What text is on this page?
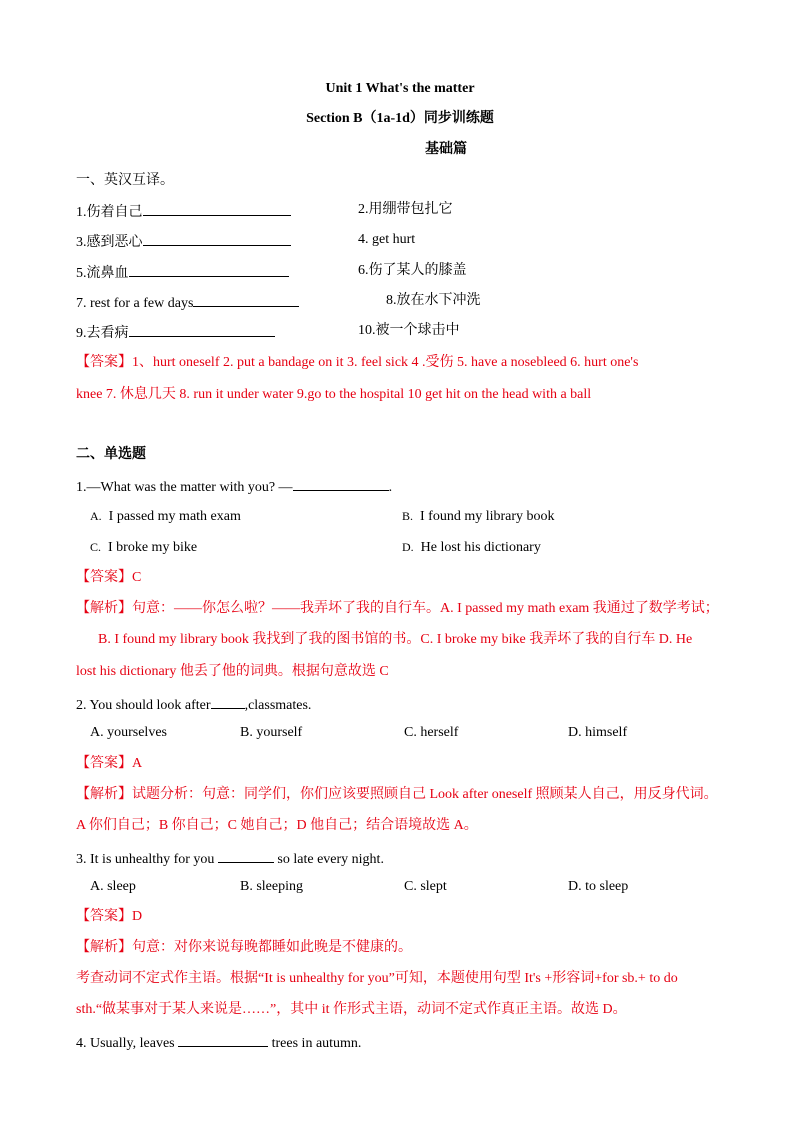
Unit 1 What's the matter
Section B（1a-1d）同步训练题
基础篇
一、英汉互译。
1.伤着自己	2.用绷带包扎它
3.感到恶心	4. get hurt
5.流鼻血	6.伤了某人的膝盖
7. rest for a few days	8.放在水下冲洗
9.去看病	10.被一个球击中
【答案】1、hurt oneself 2. put a bandage on it 3. feel sick 4 .受伤 5. have a nosebleed 6. hurt one's
knee 7. 休息几天 8. run it under water 9.go to the hospital 10 get hit on the head with a ball
二、单选题
1.—What was the matter with you? —	.
A. I passed my math exam	B. I found my library book
C. I broke my bike	D. He lost his dictionary
【答案】C
【解析】句意：——你怎么啦？——我弄坏了我的自行车。A. I passed my math exam 我通过了数学考试；
B. I found my library book 我找到了我的图书馆的书。C. I broke my bike 我弄坏了我的自行车 D. He
lost his dictionary 他丢了他的词典。根据句意故选 C
2. You should look after ,classmates.
A. yourselves	B. yourself	C. herself	D. himself
【答案】A
【解析】试题分析：句意：同学们，你们应该要照顾自己 Look after oneself 照顾某人自己，用反身代词。
A 你们自己；B 你自己；C 她自己；D 他自己；结合语境故选 A。
3. It is unhealthy for you	so late every night.
A. sleep	B. sleeping	C. slept	D. to sleep
【答案】D
【解析】句意：对你来说每晚都睡如此晚是不健康的。
考查动词不定式作主语。根据“It is unhealthy for you”可知，本题使用句型 It's +形容词+for sb.+ to do
sth.“做某事对于某人来说是……”，其中 it 作形式主语，动词不定式作真正主语。故选 D。
4. Usually, leaves	trees in autumn.
